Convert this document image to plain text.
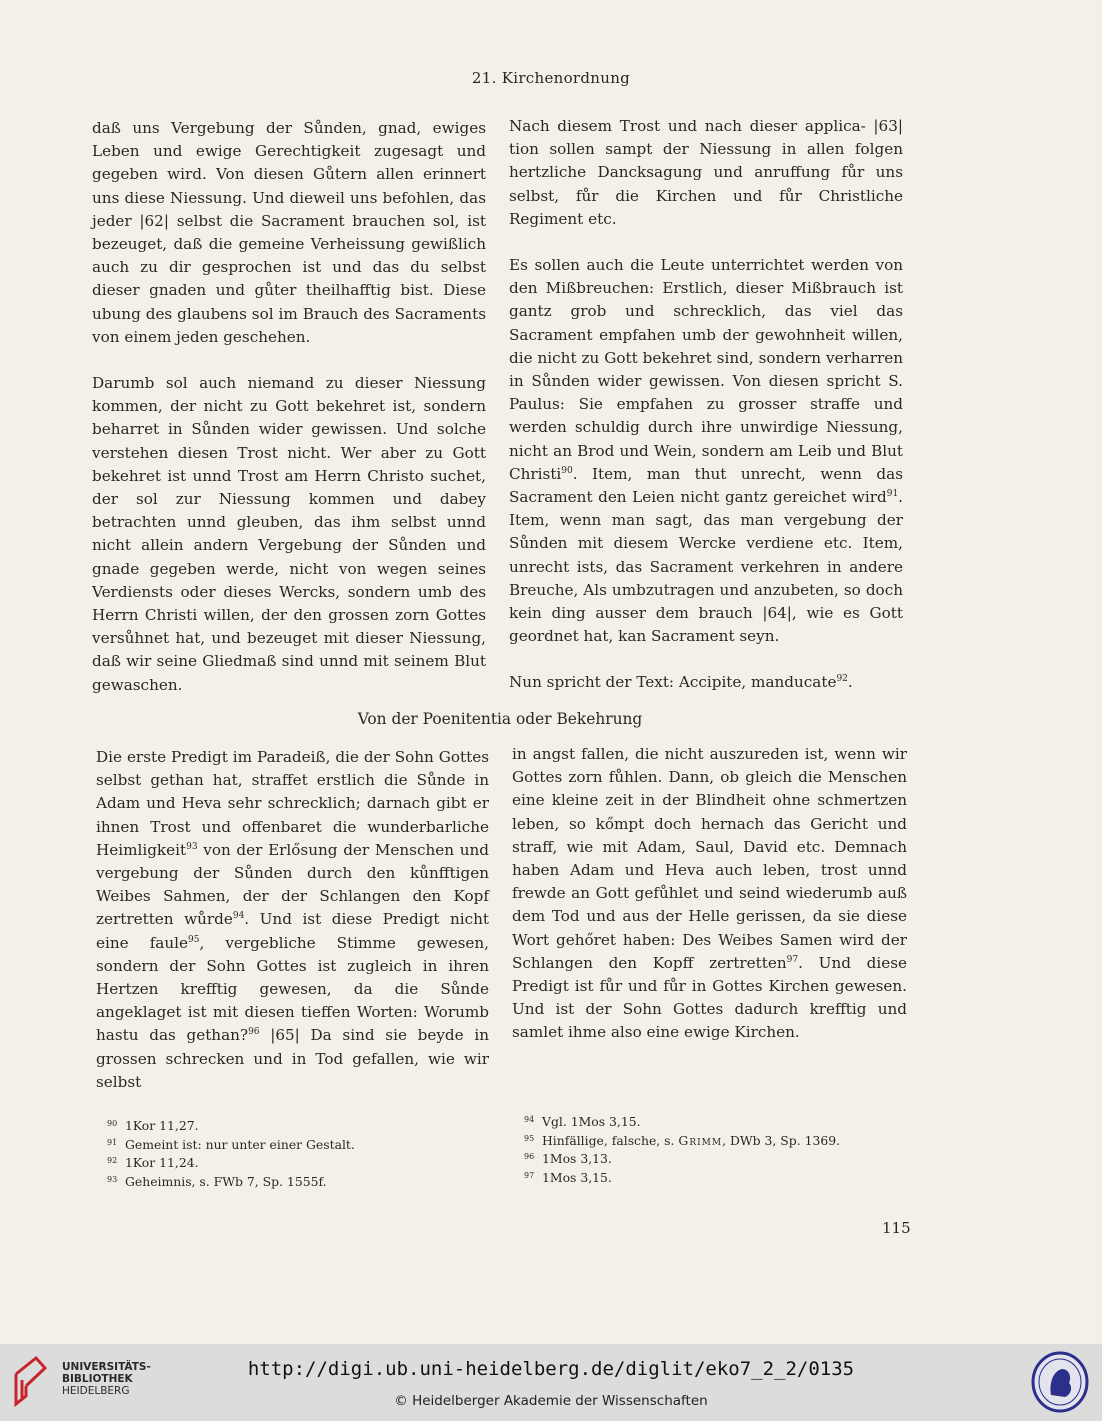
21. Kirchenordnung

daß uns Vergebung der Sůnden, gnad, ewiges Leben und ewige Gerechtigkeit zugesagt und gegeben wird. Von diesen Gůtern allen erinnert uns diese Niessung. Und dieweil uns befohlen, das jeder |62| selbst die Sacrament brauchen sol, ist bezeuget, daß die gemeine Verheissung gewißlich auch zu dir gesprochen ist und das du selbst dieser gnaden und gůter theilhafftig bist. Diese ubung des glaubens sol im Brauch des Sacraments von einem jeden geschehen.

Darumb sol auch niemand zu dieser Niessung kommen, der nicht zu Gott bekehret ist, sondern beharret in Sůnden wider gewissen. Und solche verstehen diesen Trost nicht. Wer aber zu Gott bekehret ist unnd Trost am Herrn Christo suchet, der sol zur Niessung kommen und dabey betrachten unnd gleuben, das ihm selbst unnd nicht allein andern Vergebung der Sůnden und gnade gegeben werde, nicht von wegen seines Verdiensts oder dieses Wercks, sondern umb des Herrn Christi willen, der den grossen zorn Gottes versůhnet hat, und bezeuget mit dieser Niessung, daß wir seine Gliedmaß sind unnd mit seinem Blut gewaschen.

Nach diesem Trost und nach dieser applica- |63| tion sollen sampt der Niessung in allen folgen hertzliche Dancksagung und anruffung fůr uns selbst, fůr die Kirchen und fůr Christliche Regiment etc.

Es sollen auch die Leute unterrichtet werden von den Mißbreuchen: Erstlich, dieser Mißbrauch ist gantz grob und schrecklich, das viel das Sacrament empfahen umb der gewohnheit willen, die nicht zu Gott bekehret sind, sondern verharren in Sůnden wider gewissen. Von diesen spricht S. Paulus: Sie empfahen zu grosser straffe und werden schuldig durch ihre unwirdige Niessung, nicht an Brod und Wein, sondern am Leib und Blut Christi$^{90}$. Item, man thut unrecht, wenn das Sacrament den Leien nicht gantz gereichet wird$^{91}$. Item, wenn man sagt, das man vergebung der Sůnden mit diesem Wercke verdiene etc. Item, unrecht ists, das Sacrament verkehren in andere Breuche, Als umbzutragen und anzubeten, so doch kein ding ausser dem brauch |64|, wie es Gott geordnet hat, kan Sacrament seyn.

Nun spricht der Text: Accipite, manducate$^{92}$.

Von der Poenitentia oder Bekehrung

Die erste Predigt im Paradeiß, die der Sohn Gottes selbst gethan hat, straffet erstlich die Sůnde in Adam und Heva sehr schrecklich; darnach gibt er ihnen Trost und offenbaret die wunderbarliche Heimligkeit$^{93}$ von der Erlősung der Menschen und vergebung der Sůnden durch den kůnfftigen Weibes Sahmen, der der Schlangen den Kopf zertretten wůrde$^{94}$. Und ist diese Predigt nicht eine faule$^{95}$, vergebliche Stimme gewesen, sondern der Sohn Gottes ist zugleich in ihren Hertzen krefftig gewesen, da die Sůnde angeklaget ist mit diesen tieffen Worten: Worumb hastu das gethan?$^{96}$ |65| Da sind sie beyde in grossen schrecken und in Tod gefallen, wie wir selbst

in angst fallen, die nicht auszureden ist, wenn wir Gottes zorn fůhlen. Dann, ob gleich die Menschen eine kleine zeit in der Blindheit ohne schmertzen leben, so kőmpt doch hernach das Gericht und straff, wie mit Adam, Saul, David etc. Demnach haben Adam und Heva auch leben, trost unnd frewde an Gott gefůhlet und seind wiederumb auß dem Tod und aus der Helle gerissen, da sie diese Wort gehőret haben: Des Weibes Samen wird der Schlangen den Kopff zertretten$^{97}$. Und diese Predigt ist fůr und fůr in Gottes Kirchen gewesen. Und ist der Sohn Gottes dadurch krefftig und samlet ihme also eine ewige Kirchen.

90 1Kor 11,27.
91 Gemeint ist: nur unter einer Gestalt.
92 1Kor 11,24.
93 Geheimnis, s. FWb 7, Sp. 1555f.
94 Vgl. 1Mos 3,15.
95 Hinfällige, falsche, s. Grimm, DWb 3, Sp. 1369.
96 1Mos 3,13.
97 1Mos 3,15.
115
UNIVERSITÄTS-
BIBLIOTHEK
HEIDELBERG
http://digi.ub.uni-heidelberg.de/diglit/eko7_2_2/0135
© Heidelberger Akademie der Wissenschaften
